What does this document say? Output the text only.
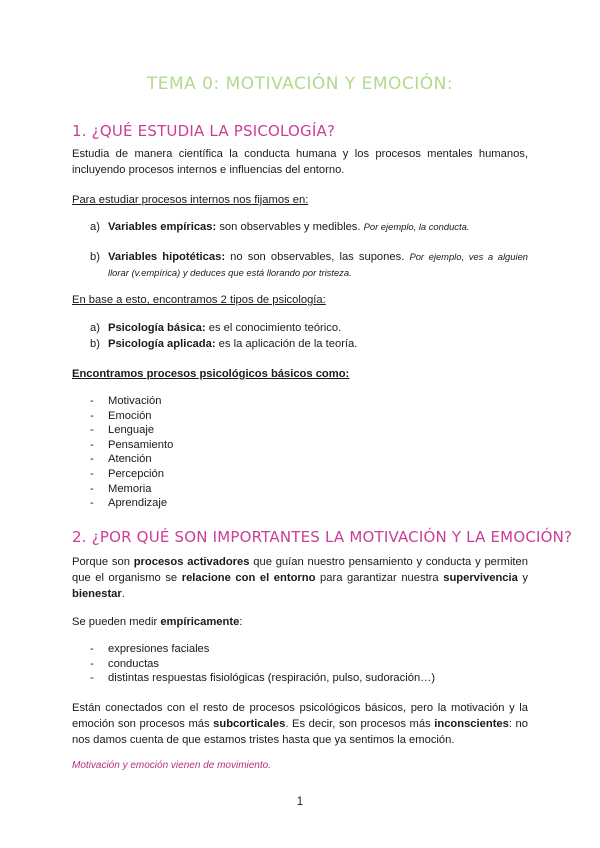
TEMA 0: MOTIVACIÓN Y EMOCIÓN:
1. ¿QUÉ ESTUDIA LA PSICOLOGÍA?
Estudia de manera científica la conducta humana y los procesos mentales humanos, incluyendo procesos internos e influencias del entorno.
Para estudiar procesos internos nos fijamos en:
a) Variables empíricas: son observables y medibles. Por ejemplo, la conducta.
b) Variables hipotéticas: no son observables, las supones. Por ejemplo, ves a alguien llorar (v.empírica) y deduces que está llorando por tristeza.
En base a esto, encontramos 2 tipos de psicología:
a) Psicología básica: es el conocimiento teórico.
b) Psicología aplicada: es la aplicación de la teoría.
Encontramos procesos psicológicos básicos como:
- Motivación
- Emoción
- Lenguaje
- Pensamiento
- Atención
- Percepción
- Memoria
- Aprendizaje
2. ¿POR QUÉ SON IMPORTANTES LA MOTIVACIÓN Y LA EMOCIÓN?
Porque son procesos activadores que guían nuestro pensamiento y conducta y permiten que el organismo se relacione con el entorno para garantizar nuestra supervivencia y bienestar.
Se pueden medir empíricamente:
- expresiones faciales
- conductas
- distintas respuestas fisiológicas (respiración, pulso, sudoración…)
Están conectados con el resto de procesos psicológicos básicos, pero la motivación y la emoción son procesos más subcorticales. Es decir, son procesos más inconscientes: no nos damos cuenta de que estamos tristes hasta que ya sentimos la emoción.
Motivación y emoción vienen de movimiento.
1
